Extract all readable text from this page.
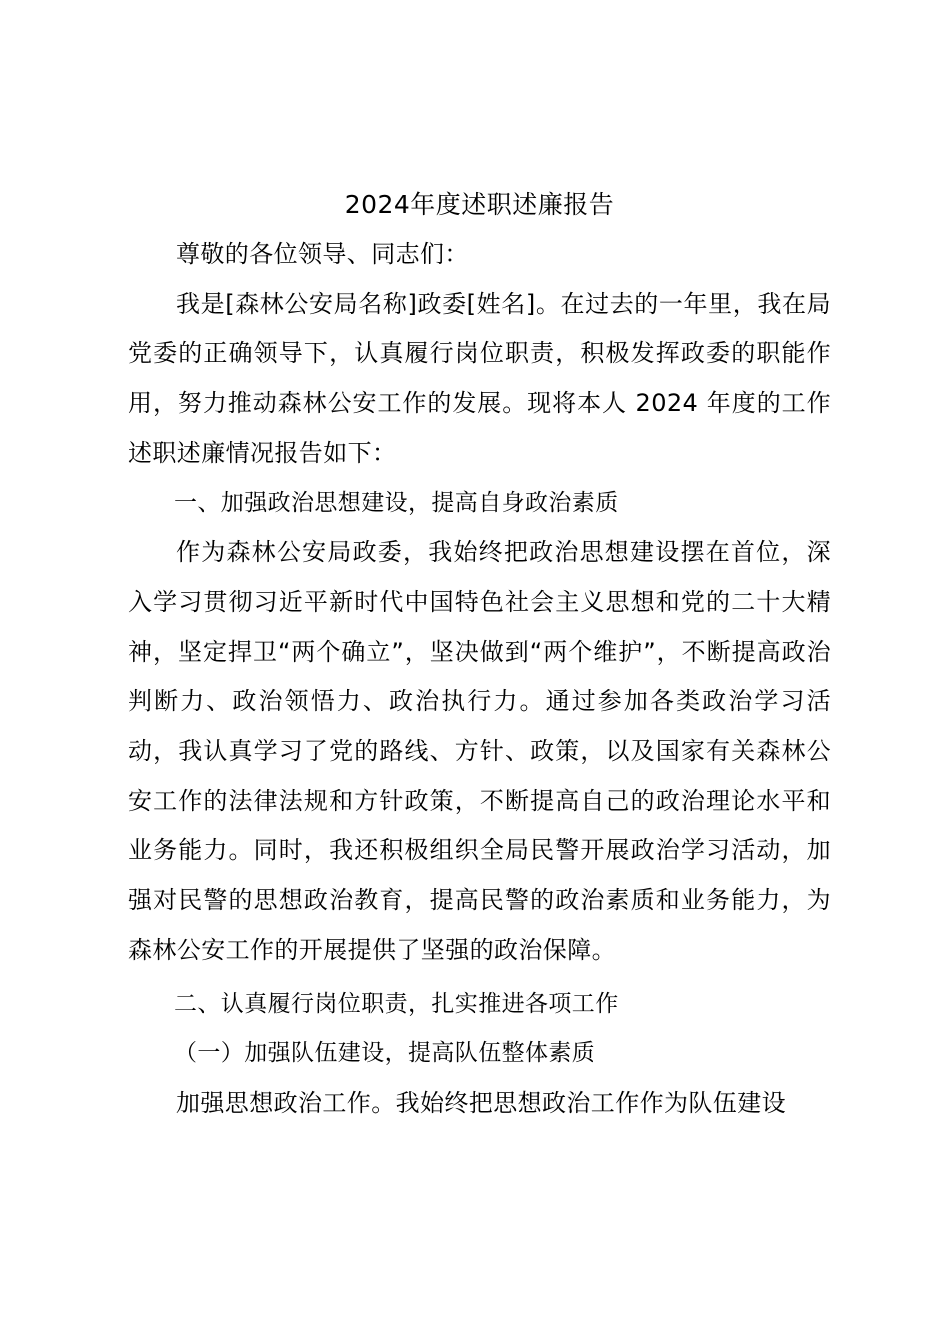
2024年度述职述廉报告

尊敬的各位领导、同志们：

我是[森林公安局名称]政委[姓名]。在过去的一年里，我在局党委的正确领导下，认真履行岗位职责，积极发挥政委的职能作用，努力推动森林公安工作的发展。现将本人 2024 年度的工作述职述廉情况报告如下：

一、加强政治思想建设，提高自身政治素质

作为森林公安局政委，我始终把政治思想建设摆在首位，深入学习贯彻习近平新时代中国特色社会主义思想和党的二十大精神，坚定捍卫“两个确立”，坚决做到“两个维护”，不断提高政治判断力、政治领悟力、政治执行力。通过参加各类政治学习活动，我认真学习了党的路线、方针、政策，以及国家有关森林公安工作的法律法规和方针政策，不断提高自己的政治理论水平和业务能力。同时，我还积极组织全局民警开展政治学习活动，加强对民警的思想政治教育，提高民警的政治素质和业务能力，为森林公安工作的开展提供了坚强的政治保障。

二、认真履行岗位职责，扎实推进各项工作

（一）加强队伍建设，提高队伍整体素质

加强思想政治工作。我始终把思想政治工作作为队伍建设
